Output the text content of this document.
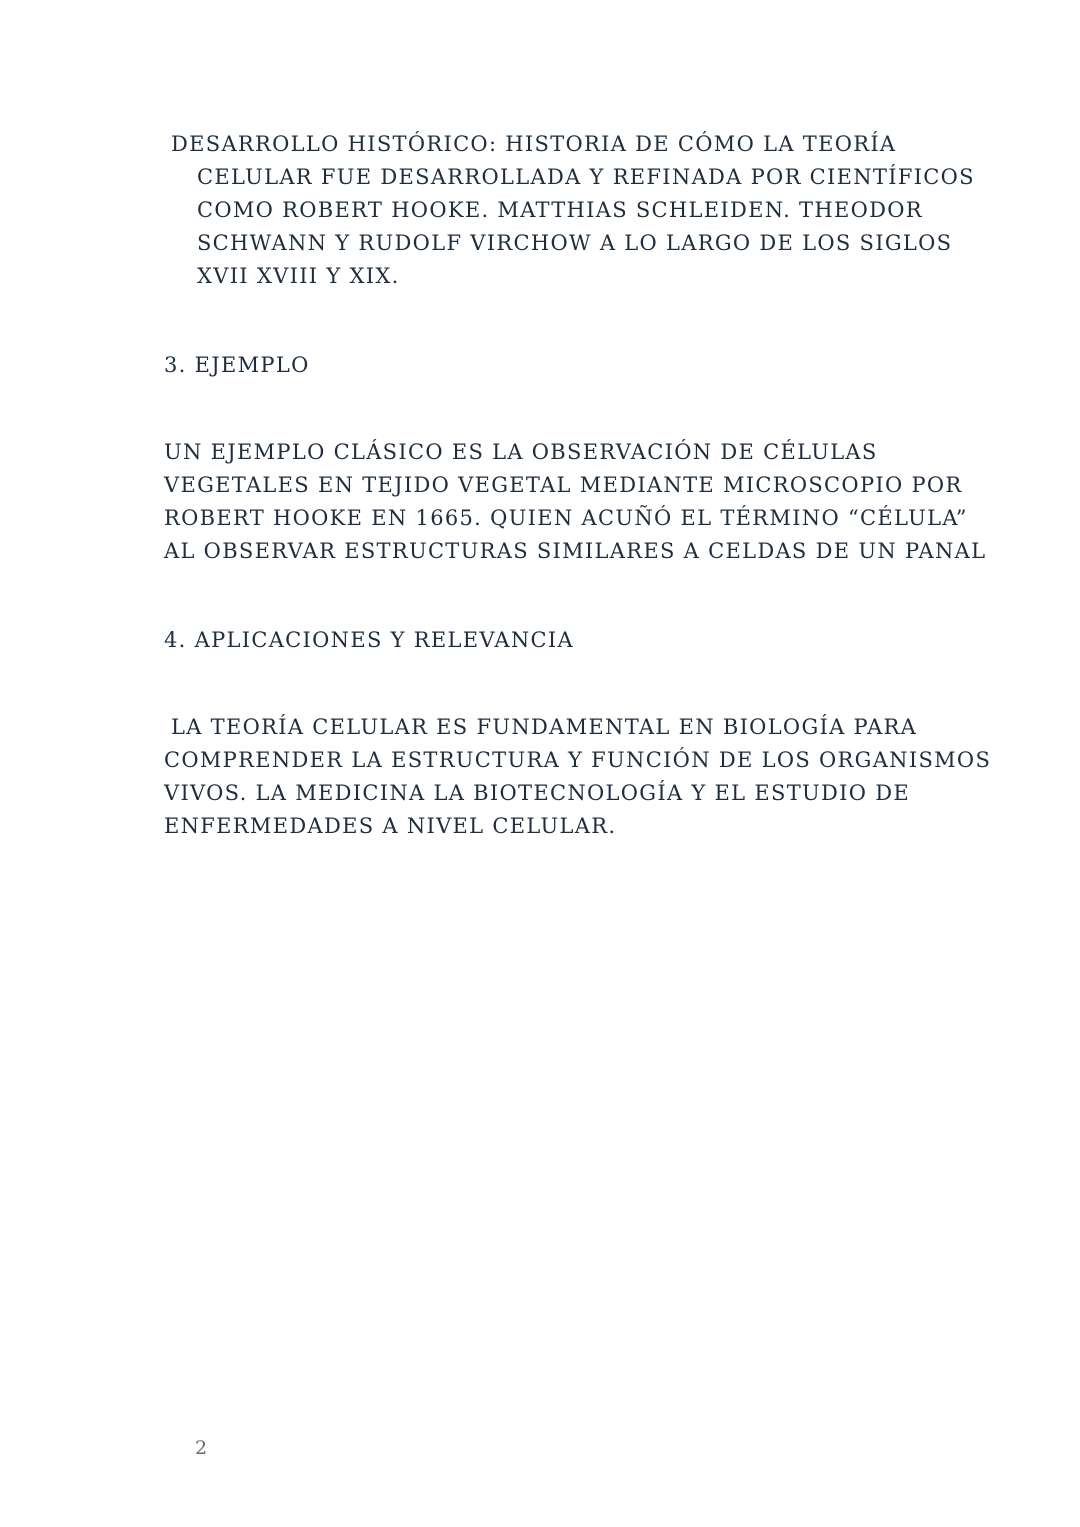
DESARROLLO HISTÓRICO: HISTORIA DE CÓMO LA TEORÍA

CELULAR FUE DESARROLLADA Y REFINADA POR CIENTÍFICOS
COMO ROBERT HOOKE. MATTHIAS SCHLEIDEN. THEODOR
SCHWANN Y RUDOLF VIRCHOW A LO LARGO DE LOS SIGLOS
XVII XVIII Y XIX.

3. EJEMPLO

UN EJEMPLO CLÁSICO ES LA OBSERVACIÓN DE CÉLULAS
VEGETALES EN TEJIDO VEGETAL MEDIANTE MICROSCOPIO POR
ROBERT HOOKE EN 1665. QUIEN ACUÑÓ EL TÉRMINO “CÉLULA”
AL OBSERVAR ESTRUCTURAS SIMILARES A CELDAS DE UN PANAL

4. APLICACIONES Y RELEVANCIA

LA TEORÍA CELULAR ES FUNDAMENTAL EN BIOLOGÍA PARA

COMPRENDER LA ESTRUCTURA Y FUNCIÓN DE LOS ORGANISMOS
VIVOS. LA MEDICINA LA BIOTECNOLOGÍA Y EL ESTUDIO DE
ENFERMEDADES A NIVEL CELULAR.

2
